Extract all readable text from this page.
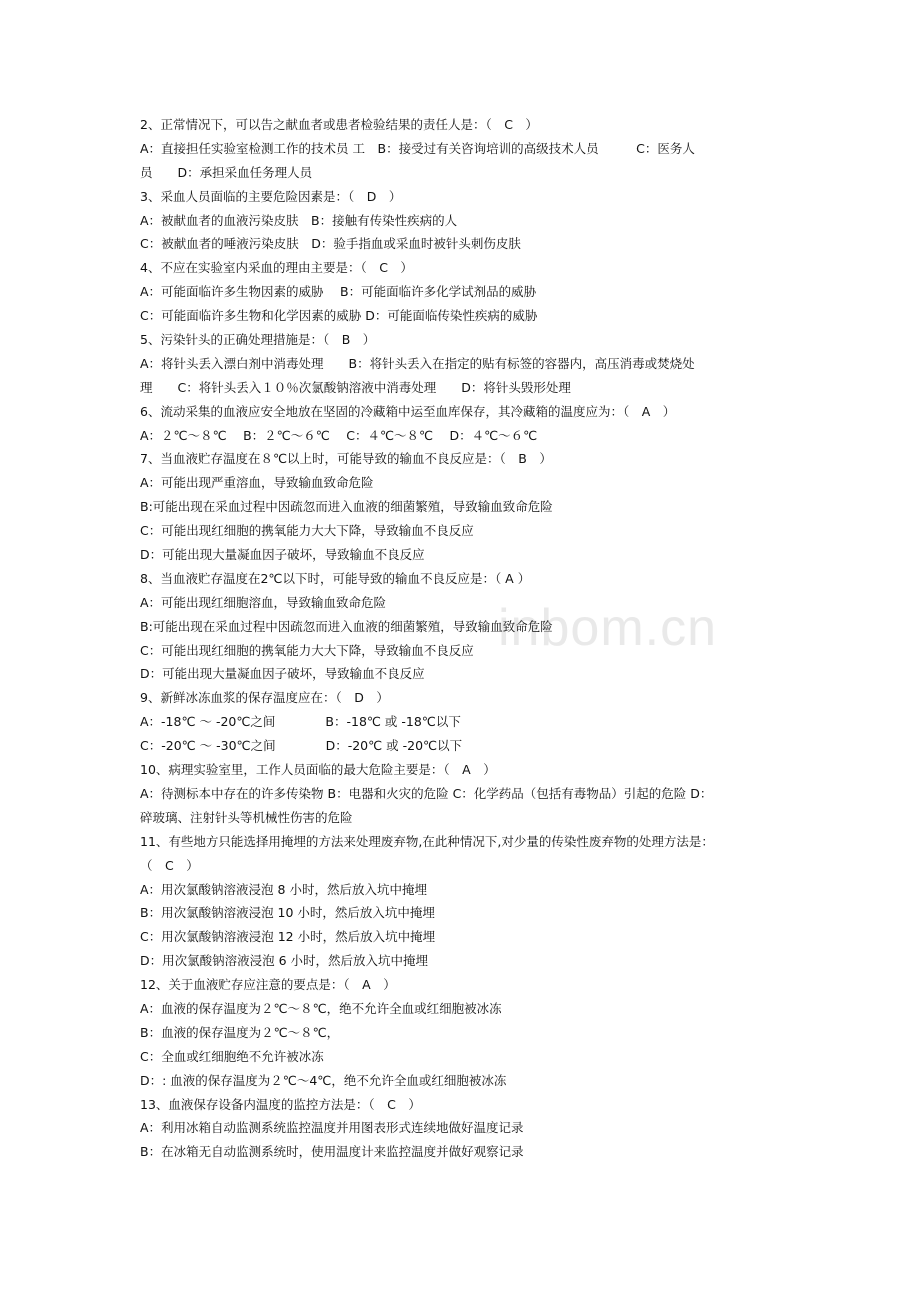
inbom.cn
2、正常情况下，可以告之献血者或患者检验结果的责任人是：（　C　）
A：直接担任实验室检测工作的技术员 工　B：接受过有关咨询培训的高级技术人员　　　C：医务人
员　　D：承担采血任务理人员
3、采血人员面临的主要危险因素是：（　D　）
A：被献血者的血液污染皮肤　B：接触有传染性疾病的人
C：被献血者的唾液污染皮肤　D：验手指血或采血时被针头刺伤皮肤
4、不应在实验室内采血的理由主要是：（　C　）
A：可能面临许多生物因素的威胁　 B：可能面临许多化学试剂品的威胁
C：可能面临许多生物和化学因素的威胁 D：可能面临传染性疾病的威胁
5、污染针头的正确处理措施是：（　B　）
A：将针头丢入漂白剂中消毒处理　　B：将针头丢入在指定的贴有标签的容器内，高压消毒或焚烧处
理　　C：将针头丢入１０％次氯酸钠溶液中消毒处理　　D：将针头毁形处理
6、流动采集的血液应安全地放在坚固的冷藏箱中运至血库保存，其冷藏箱的温度应为：（　A　）
A：２℃～８℃　 B：２℃～６℃　 C：４℃～８℃　 D：４℃～６℃
7、当血液贮存温度在８℃以上时，可能导致的输血不良反应是：（　B　）
A：可能出现严重溶血，导致输血致命危险
B:可能出现在采血过程中因疏忽而进入血液的细菌繁殖，导致输血致命危险
C：可能出现红细胞的携氧能力大大下降，导致输血不良反应
D：可能出现大量凝血因子破坏，导致输血不良反应
8、当血液贮存温度在2℃以下时，可能导致的输血不良反应是：（ A ）
A：可能出现红细胞溶血，导致输血致命危险
B:可能出现在采血过程中因疏忽而进入血液的细菌繁殖，导致输血致命危险
C：可能出现红细胞的携氧能力大大下降，导致输血不良反应
D：可能出现大量凝血因子破坏，导致输血不良反应
9、新鲜冰冻血浆的保存温度应在：（　D　）
A：-18℃ ～ -20℃之间　　　　B：-18℃ 或 -18℃以下
C：-20℃ ～ -30℃之间　　　　D：-20℃ 或 -20℃以下
10、病理实验室里，工作人员面临的最大危险主要是：（　A　）
A：待测标本中存在的许多传染物 B：电器和火灾的危险 C：化学药品（包括有毒物品）引起的危险 D：
碎玻璃、注射针头等机械性伤害的危险
11、有些地方只能选择用掩埋的方法来处理废弃物,在此种情况下,对少量的传染性废弃物的处理方法是：
（　C　）
A：用次氯酸钠溶液浸泡 8 小时，然后放入坑中掩埋
B：用次氯酸钠溶液浸泡 10 小时，然后放入坑中掩埋
C：用次氯酸钠溶液浸泡 12 小时，然后放入坑中掩埋
D：用次氯酸钠溶液浸泡 6 小时，然后放入坑中掩埋
12、关于血液贮存应注意的要点是：（　A　）
A：血液的保存温度为２℃～８℃，绝不允许全血或红细胞被冰冻
B：血液的保存温度为２℃～８℃，
C：全血或红细胞绝不允许被冰冻
D：: 血液的保存温度为２℃～4℃，绝不允许全血或红细胞被冰冻
13、血液保存设备内温度的监控方法是：（　C　）
A：利用冰箱自动监测系统监控温度并用图表形式连续地做好温度记录
B：在冰箱无自动监测系统时，使用温度计来监控温度并做好观察记录
